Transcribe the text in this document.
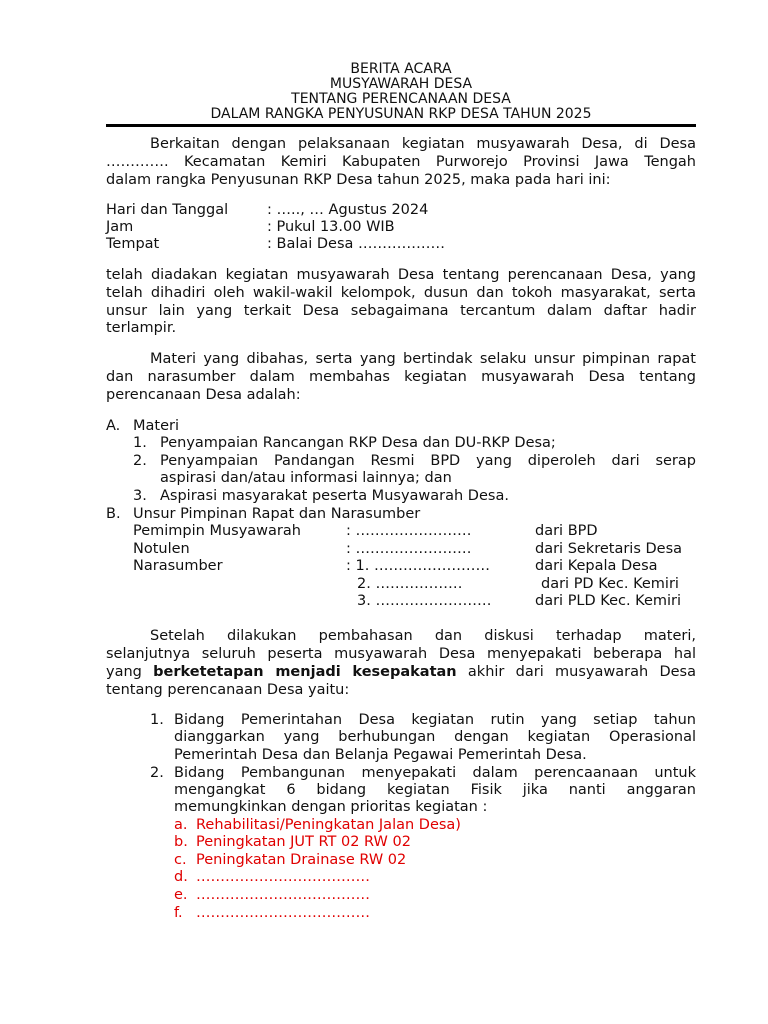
BERITA ACARA
MUSYAWARAH DESA
TENTANG PERENCANAAN DESA
DALAM RANGKA PENYUSUNAN RKP DESA TAHUN 2025
Berkaitan dengan pelaksanaan kegiatan musyawarah Desa, di Desa
…………. Kecamatan Kemiri Kabupaten Purworejo Provinsi Jawa Tengah
dalam rangka Penyusunan RKP Desa tahun 2025, maka pada hari ini:
Hari dan Tanggal	: ….., … Agustus 2024
Jam	: Pukul 13.00 WIB
Tempat	: Balai Desa ………………
telah diadakan kegiatan musyawarah Desa tentang perencanaan Desa, yang
telah dihadiri oleh wakil-wakil kelompok, dusun dan tokoh masyarakat, serta
unsur lain yang terkait Desa sebagaimana tercantum dalam daftar hadir
terlampir.
Materi yang dibahas, serta yang bertindak selaku unsur pimpinan rapat
dan narasumber dalam membahas kegiatan musyawarah Desa tentang
perencanaan Desa adalah:
A. Materi
1. Penyampaian Rancangan RKP Desa dan DU-RKP Desa;
2. Penyampaian Pandangan Resmi BPD yang diperoleh dari serap
aspirasi dan/atau informasi lainnya; dan
3. Aspirasi masyarakat peserta Musyawarah Desa.
B. Unsur Pimpinan Rapat dan Narasumber
Pemimpin Musyawarah	: ……………………	dari BPD
Notulen	: ……………………	dari Sekretaris Desa
Narasumber	: 1. ……………………	dari Kepala Desa
2. ………………	dari PD Kec. Kemiri
3. ……………………	dari PLD Kec. Kemiri
Setelah dilakukan pembahasan dan diskusi terhadap materi,
selanjutnya seluruh peserta musyawarah Desa menyepakati beberapa hal
yang berketetapan menjadi kesepakatan akhir dari musyawarah Desa
tentang perencanaan Desa yaitu:
1. Bidang Pemerintahan Desa kegiatan rutin yang setiap tahun
dianggarkan yang berhubungan dengan kegiatan Operasional
Pemerintah Desa dan Belanja Pegawai Pemerintah Desa.
2. Bidang Pembangunan menyepakati dalam perencaanaan untuk
mengangkat 6 bidang kegiatan Fisik jika nanti anggaran
memungkinkan dengan prioritas kegiatan :
a. Rehabilitasi/Peningkatan Jalan Desa)
b. Peningkatan JUT RT 02 RW 02
c. Peningkatan Drainase RW 02
d. ………………………………
e. ………………………………
f. ………………………………
